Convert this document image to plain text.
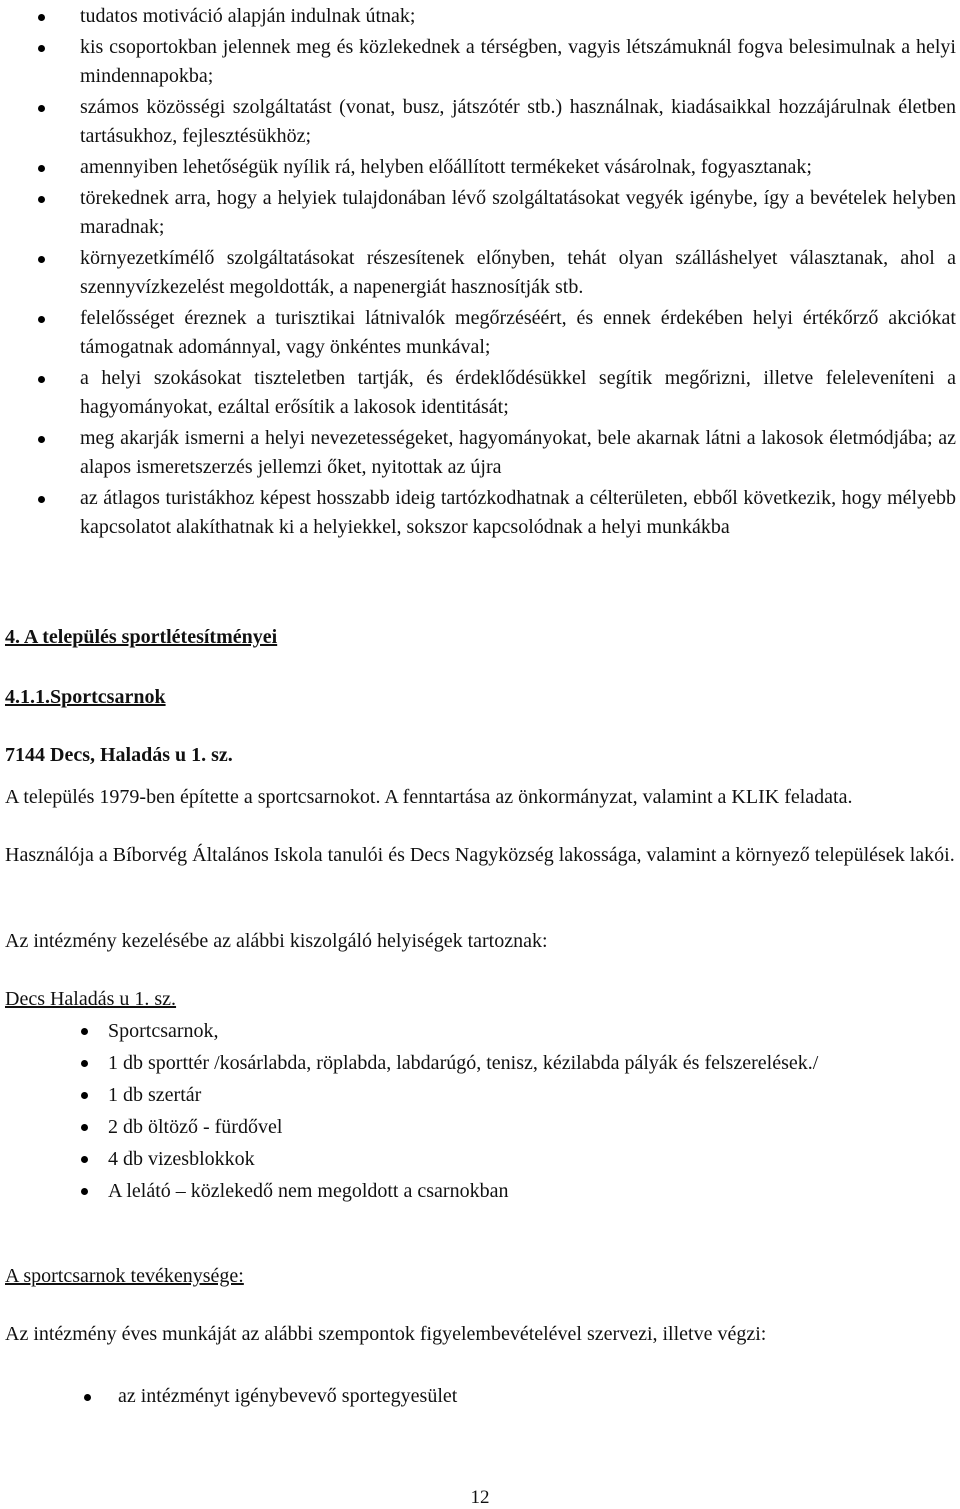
tudatos motiváció alapján indulnak útnak;
kis csoportokban jelennek meg és közlekednek a térségben, vagyis létszámuknál fogva belesimulnak a helyi mindennapokba;
számos közösségi szolgáltatást (vonat, busz, játszótér stb.) használnak, kiadásaikkal hozzájárulnak életben tartásukhoz, fejlesztésükhöz;
amennyiben lehetőségük nyílik rá, helyben előállított termékeket vásárolnak, fogyasztanak;
törekednek arra, hogy a helyiek tulajdonában lévő szolgáltatásokat vegyék igénybe, így a bevételek helyben maradnak;
környezetkímélő szolgáltatásokat részesítenek előnyben, tehát olyan szálláshelyet választanak, ahol a szennyvízkezelést megoldották, a napenergiát hasznosítják stb.
felelősséget éreznek a turisztikai látnivalók megőrzéséért, és ennek érdekében helyi értékőrző akciókat támogatnak adománnyal, vagy önkéntes munkával;
a helyi szokásokat tiszteletben tartják, és érdeklődésükkel segítik megőrizni, illetve feleleveníteni a hagyományokat, ezáltal erősítik a lakosok identitását;
meg akarják ismerni a helyi nevezetességeket, hagyományokat, bele akarnak látni a lakosok életmódjába; az alapos ismeretszerzés jellemzi őket, nyitottak az újra
az átlagos turistákhoz képest hosszabb ideig tartózkodhatnak a célterületen, ebből következik, hogy mélyebb kapcsolatot alakíthatnak ki a helyiekkel, sokszor kapcsolódnak a helyi munkákba
4. A település sportlétesítményei
4.1.1.Sportcsarnok
7144 Decs, Haladás u 1. sz.
A település 1979-ben építette a sportcsarnokot. A fenntartása az önkormányzat, valamint a KLIK feladata.
Használója a Bíborvég Általános Iskola tanulói és Decs Nagyközség lakossága, valamint a környező települések lakói.
Az intézmény kezelésébe az alábbi kiszolgáló helyiségek tartoznak:
Decs Haladás u 1. sz.
Sportcsarnok,
1 db sporttér /kosárlabda, röplabda, labdarúgó, tenisz, kézilabda pályák és felszerelések./
1 db szertár
2 db öltöző - fürdővel
4 db vizesblokkok
A lelátó – közlekedő nem megoldott a csarnokban
A sportcsarnok tevékenysége:
Az intézmény éves munkáját az alábbi szempontok figyelembevételével szervezi, illetve végzi:
az intézményt igénybevevő sportegyesület
12
